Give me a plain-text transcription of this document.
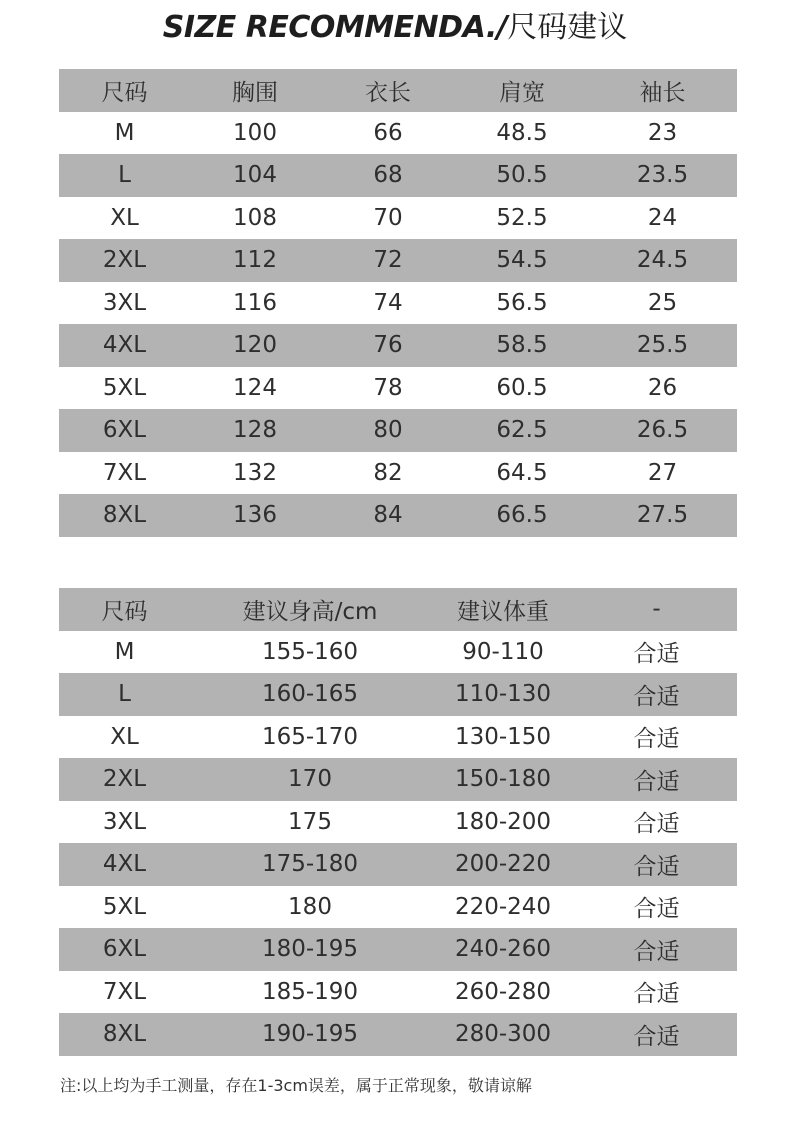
SIZE RECOMMENDA./尺码建议
尺码	胸围	衣长	肩宽	袖长
M	100	66	48.5	23
L	104	68	50.5	23.5
XL	108	70	52.5	24
2XL	112	72	54.5	24.5
3XL	116	74	56.5	25
4XL	120	76	58.5	25.5
5XL	124	78	60.5	26
6XL	128	80	62.5	26.5
7XL	132	82	64.5	27
8XL	136	84	66.5	27.5
尺码	建议身高/cm	建议体重	-
M	155-160	90-110	合适
L	160-165	110-130	合适
XL	165-170	130-150	合适
2XL	170	150-180	合适
3XL	175	180-200	合适
4XL	175-180	200-220	合适
5XL	180	220-240	合适
6XL	180-195	240-260	合适
7XL	185-190	260-280	合适
8XL	190-195	280-300	合适
注:以上均为手工测量，存在1-3cm误差，属于正常现象，敬请谅解
